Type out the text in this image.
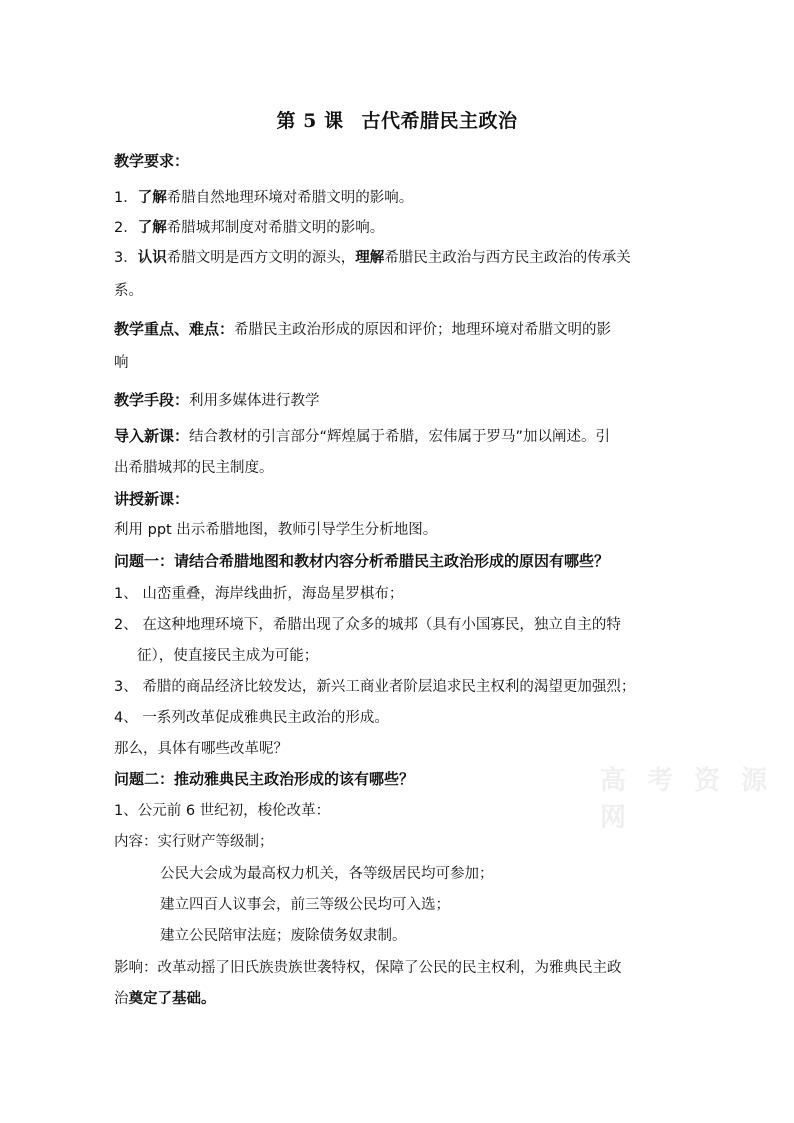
第 5 课 古代希腊民主政治
教学要求：
1．了解希腊自然地理环境对希腊文明的影响。
2．了解希腊城邦制度对希腊文明的影响。
3．认识希腊文明是西方文明的源头，理解希腊民主政治与西方民主政治的传承关
系。
教学重点、难点：希腊民主政治形成的原因和评价；地理环境对希腊文明的影
响
教学手段：利用多媒体进行教学
导入新课：结合教材的引言部分“辉煌属于希腊，宏伟属于罗马”加以阐述。引
出希腊城邦的民主制度。
讲授新课：
利用 ppt 出示希腊地图，教师引导学生分析地图。
问题一：请结合希腊地图和教材内容分析希腊民主政治形成的原因有哪些？
1、 山峦重叠，海岸线曲折，海岛星罗棋布；
2、 在这种地理环境下，希腊出现了众多的城邦（具有小国寡民，独立自主的特
征），使直接民主成为可能；
3、 希腊的商品经济比较发达，新兴工商业者阶层追求民主权利的渴望更加强烈；
4、 一系列改革促成雅典民主政治的形成。
那么，具体有哪些改革呢？
问题二：推动雅典民主政治形成的该有哪些？
1、公元前 6 世纪初，梭伦改革：
内容：实行财产等级制；
公民大会成为最高权力机关，各等级居民均可参加；
建立四百人议事会，前三等级公民均可入选；
建立公民陪审法庭；废除债务奴隶制。
影响：改革动摇了旧氏族贵族世袭特权，保障了公民的民主权利，为雅典民主政
治奠定了基础。
高 考 资 源 网
